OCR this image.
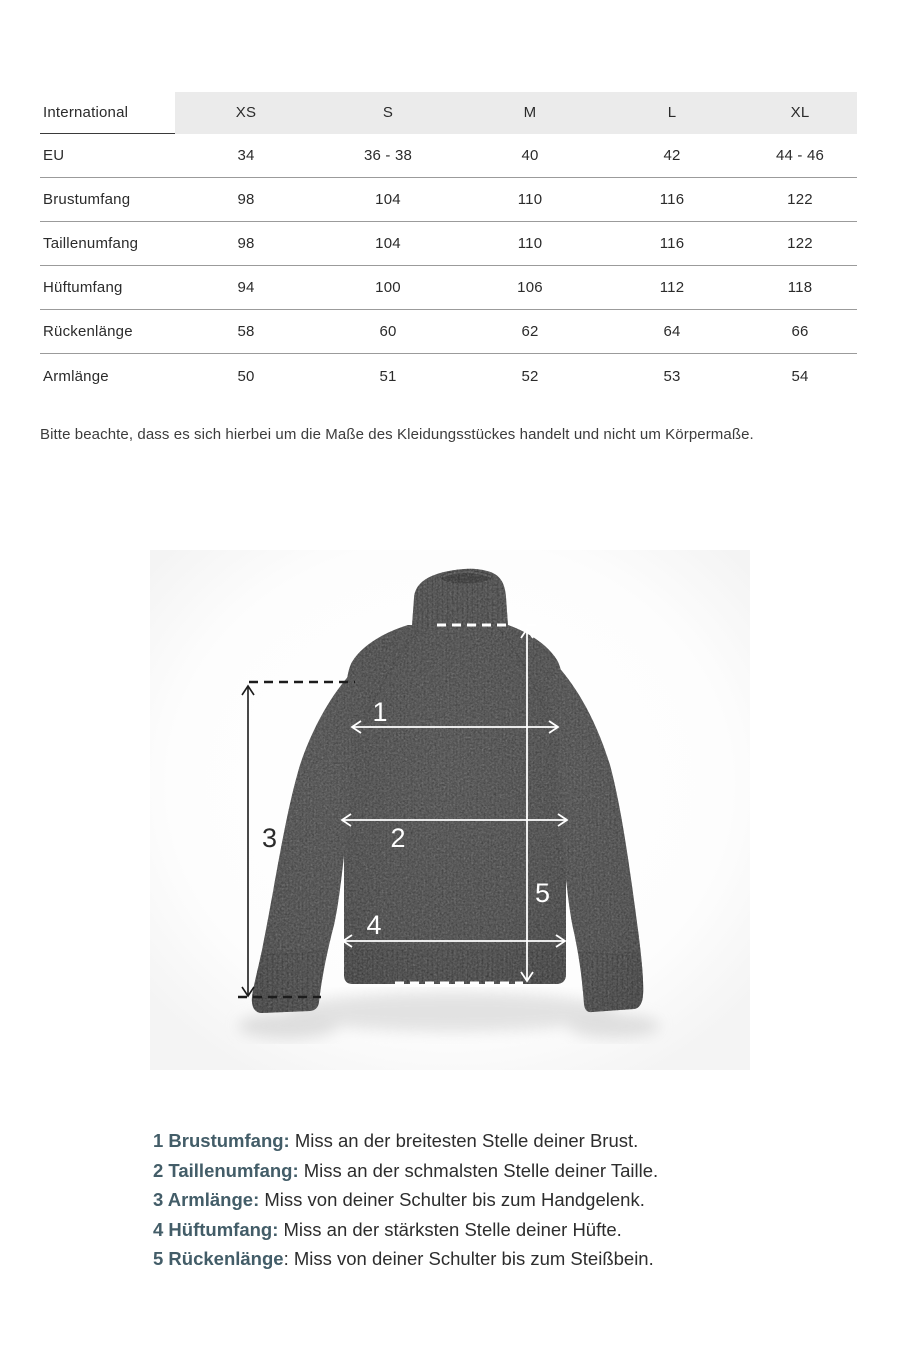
International	XS	S	M	L	XL
EU	34	36 - 38	40	42	44 - 46
Brustumfang	98	104	110	116	122
Taillenumfang	98	104	110	116	122
Hüftumfang	94	100	106	112	118
Rückenlänge	58	60	62	64	66
Armlänge	50	51	52	53	54

Bitte beachte, dass es sich hierbei um die Maße des Kleidungsstückes handelt und nicht um Körpermaße.

1
2
3
4
5
1 Brustumfang: Miss an der breitesten Stelle deiner Brust.
2 Taillenumfang: Miss an der schmalsten Stelle deiner Taille.
3 Armlänge: Miss von deiner Schulter bis zum Handgelenk.
4 Hüftumfang: Miss an der stärksten Stelle deiner Hüfte.
5 Rückenlänge: Miss von deiner Schulter bis zum Steißbein.
